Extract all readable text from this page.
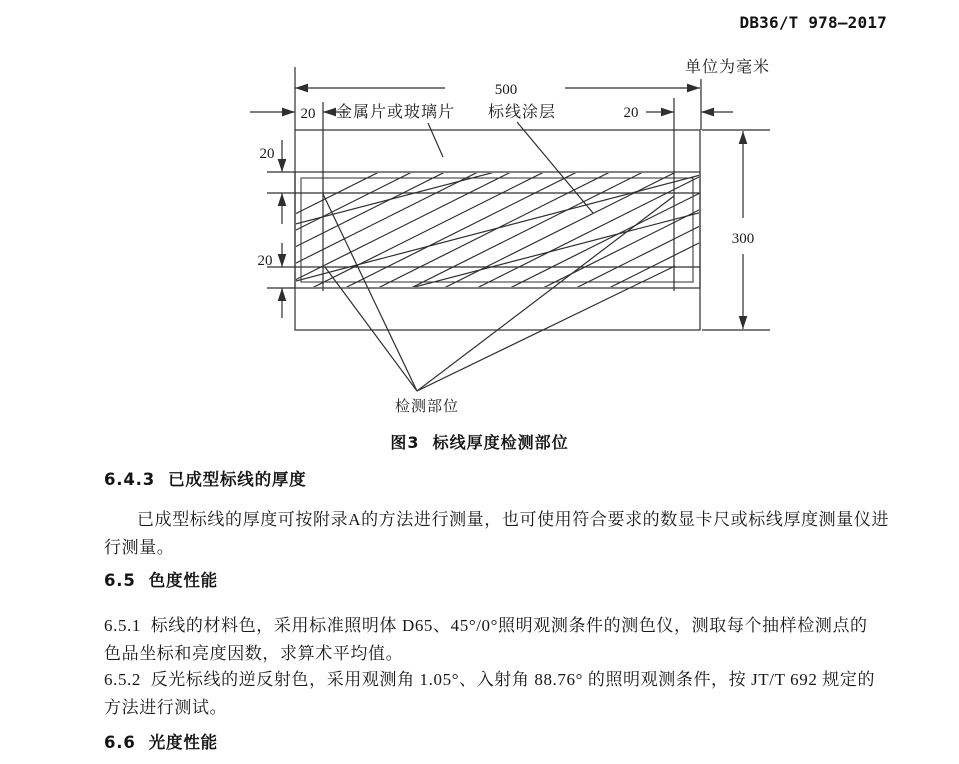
DB36/T 978—2017
单位为毫米
500
20	20
20
20
300
金属片或玻璃片 标线涂层
检测部位
图3  标线厚度检测部位
6.4.3  已成型标线的厚度
已成型标线的厚度可按附录A的方法进行测量，也可使用符合要求的数显卡尺或标线厚度测量仪进
行测量。
6.5  色度性能
6.5.1  标线的材料色，采用标准照明体 D65、45°/0°照明观测条件的测色仪，测取每个抽样检测点的
色品坐标和亮度因数，求算术平均值。
6.5.2  反光标线的逆反射色，采用观测角 1.05°、入射角 88.76° 的照明观测条件，按 JT/T 692 规定的
方法进行测试。
6.6  光度性能
